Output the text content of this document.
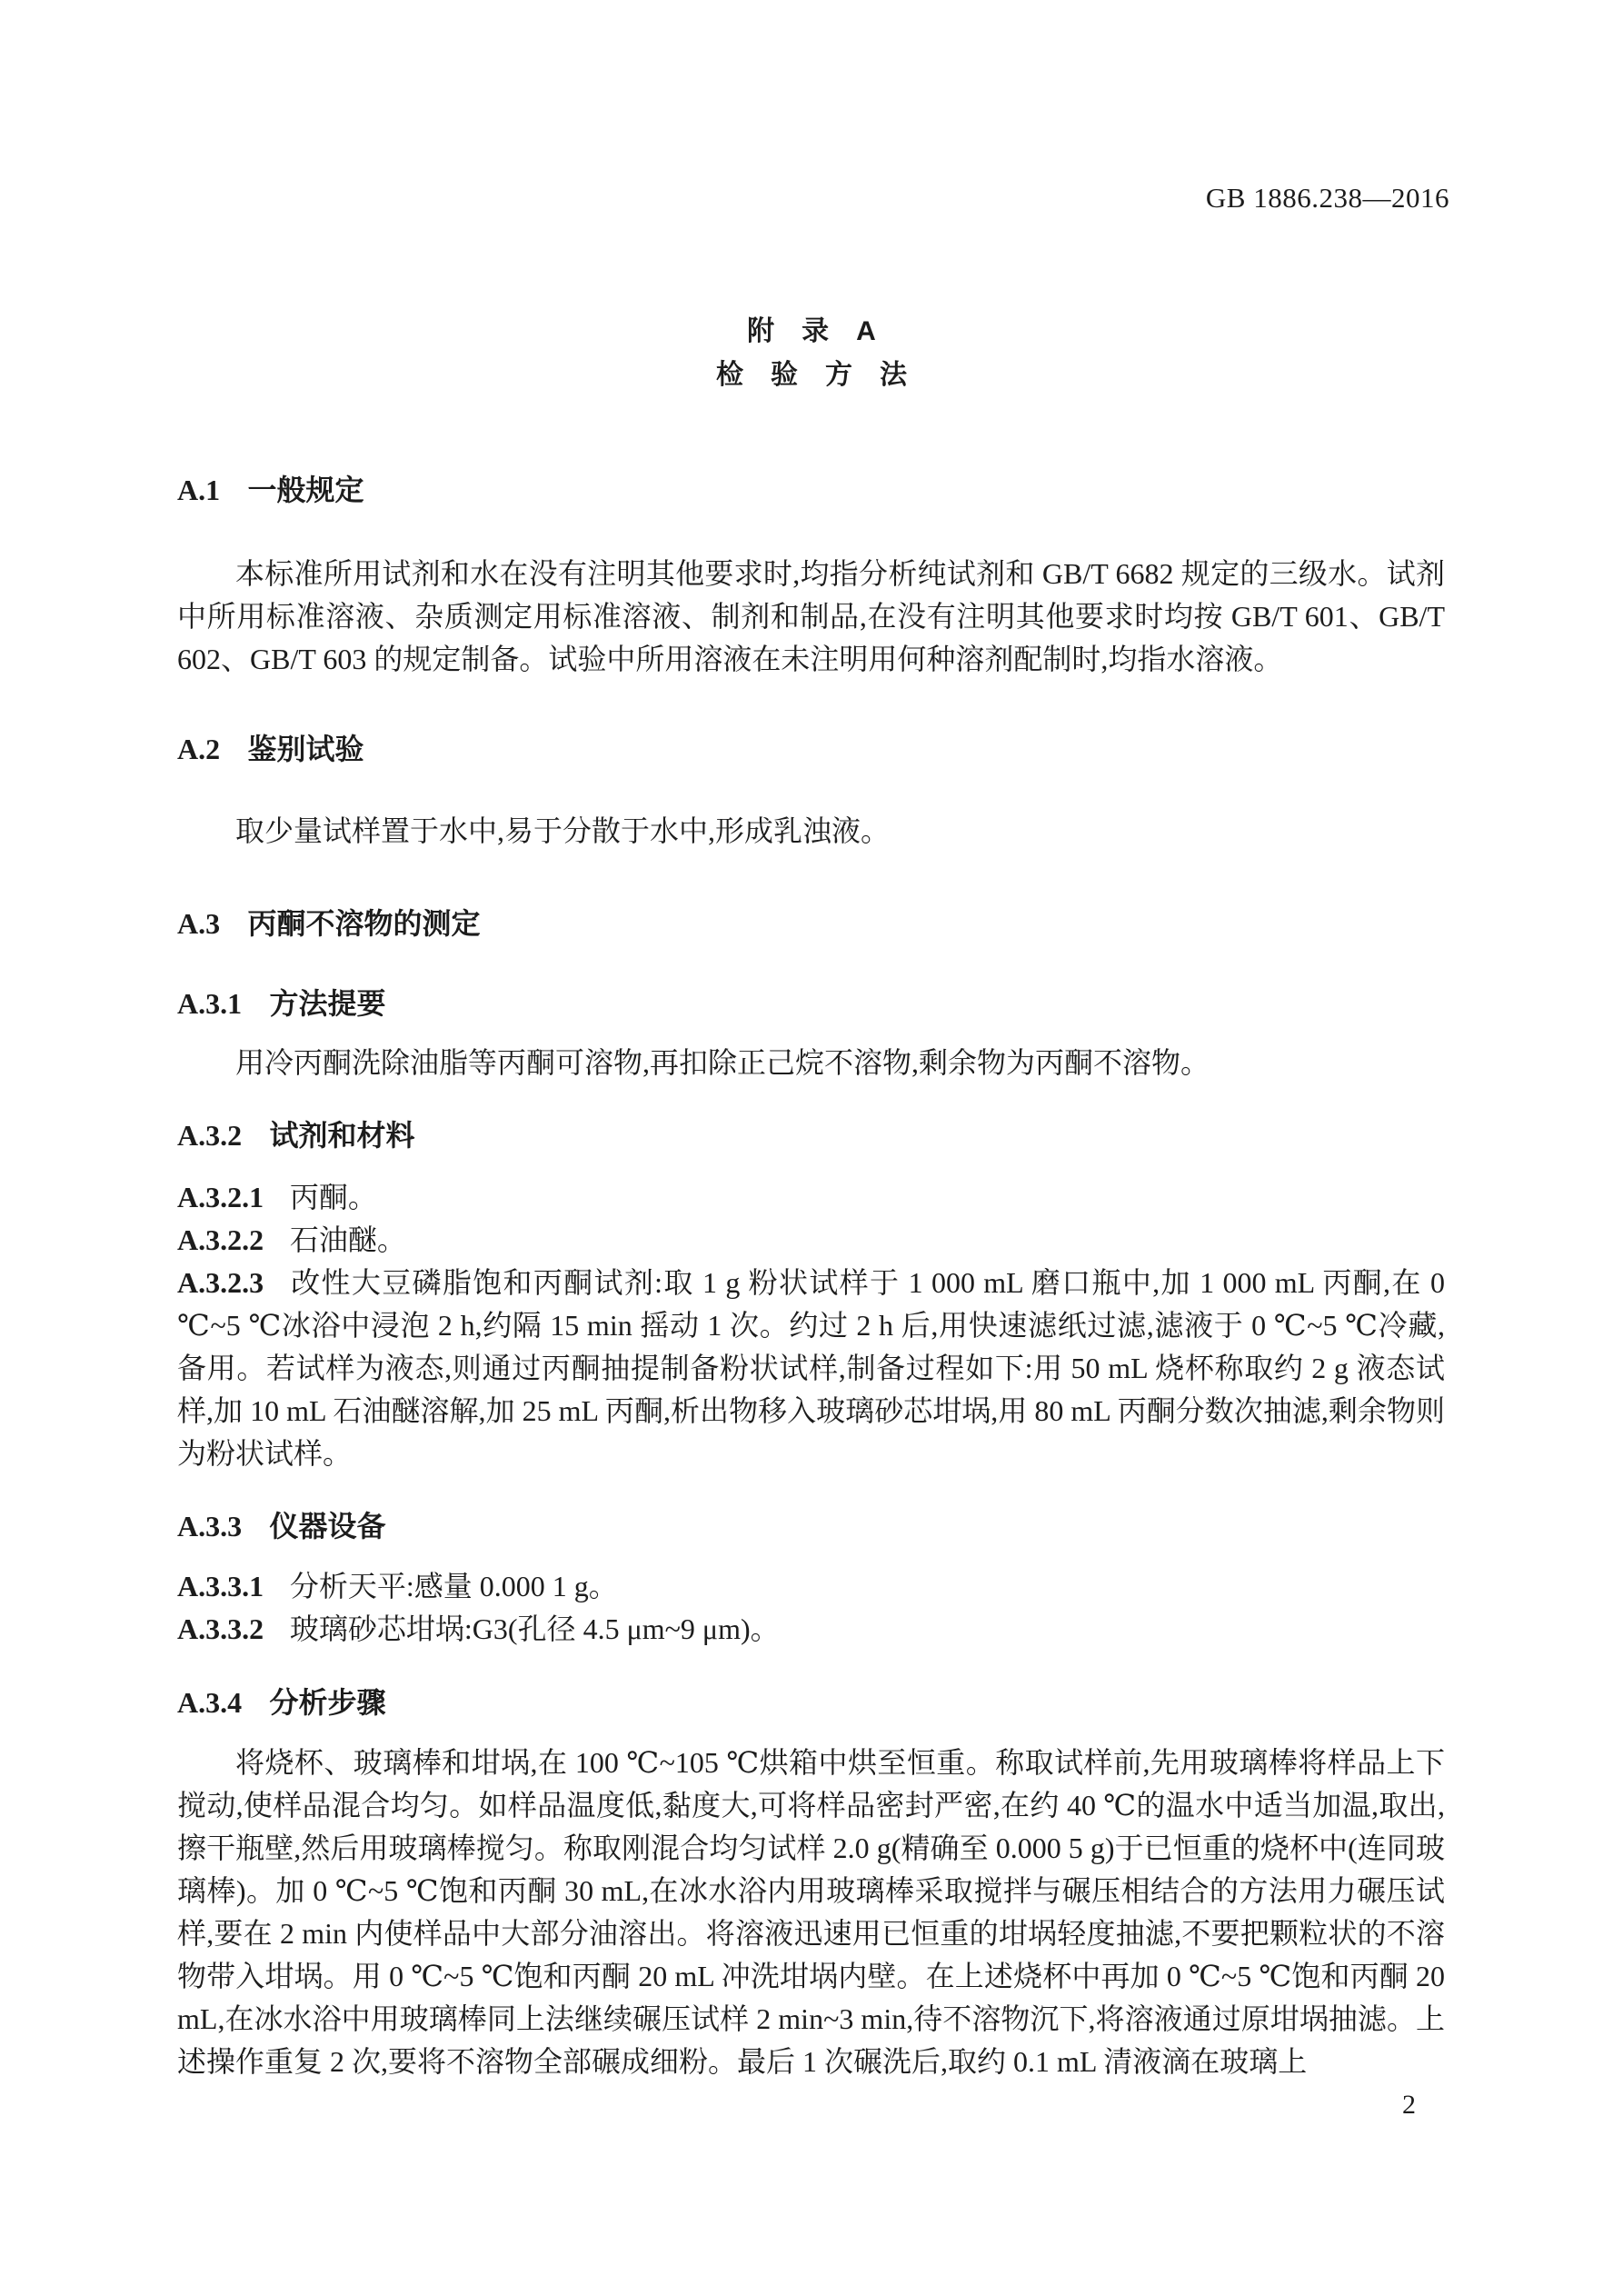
GB 1886.238—2016
附　录　A
检　验　方　法
A.1 一般规定

本标准所用试剂和水在没有注明其他要求时,均指分析纯试剂和 GB/T 6682 规定的三级水。试剂中所用标准溶液、杂质测定用标准溶液、制剂和制品,在没有注明其他要求时均按 GB/T 601、GB/T 602、GB/T 603 的规定制备。试验中所用溶液在未注明用何种溶剂配制时,均指水溶液。

A.2 鉴别试验

取少量试样置于水中,易于分散于水中,形成乳浊液。

A.3 丙酮不溶物的测定
A.3.1 方法提要

用冷丙酮洗除油脂等丙酮可溶物,再扣除正己烷不溶物,剩余物为丙酮不溶物。

A.3.2 试剂和材料

A.3.2.1 丙酮。

A.3.2.2 石油醚。

A.3.2.3 改性大豆磷脂饱和丙酮试剂:取 1 g 粉状试样于 1 000 mL 磨口瓶中,加 1 000 mL 丙酮,在 0 ℃~5 ℃冰浴中浸泡 2 h,约隔 15 min 摇动 1 次。约过 2 h 后,用快速滤纸过滤,滤液于 0 ℃~5 ℃冷藏,备用。若试样为液态,则通过丙酮抽提制备粉状试样,制备过程如下:用 50 mL 烧杯称取约 2 g 液态试样,加 10 mL 石油醚溶解,加 25 mL 丙酮,析出物移入玻璃砂芯坩埚,用 80 mL 丙酮分数次抽滤,剩余物则为粉状试样。

A.3.3 仪器设备

A.3.3.1 分析天平:感量 0.000 1 g。

A.3.3.2 玻璃砂芯坩埚:G3(孔径 4.5 μm~9 μm)。

A.3.4 分析步骤

将烧杯、玻璃棒和坩埚,在 100 ℃~105 ℃烘箱中烘至恒重。称取试样前,先用玻璃棒将样品上下搅动,使样品混合均匀。如样品温度低,黏度大,可将样品密封严密,在约 40 ℃的温水中适当加温,取出,擦干瓶壁,然后用玻璃棒搅匀。称取刚混合均匀试样 2.0 g(精确至 0.000 5 g)于已恒重的烧杯中(连同玻璃棒)。加 0 ℃~5 ℃饱和丙酮 30 mL,在冰水浴内用玻璃棒采取搅拌与碾压相结合的方法用力碾压试样,要在 2 min 内使样品中大部分油溶出。将溶液迅速用已恒重的坩埚轻度抽滤,不要把颗粒状的不溶物带入坩埚。用 0 ℃~5 ℃饱和丙酮 20 mL 冲洗坩埚内壁。在上述烧杯中再加 0 ℃~5 ℃饱和丙酮 20 mL,在冰水浴中用玻璃棒同上法继续碾压试样 2 min~3 min,待不溶物沉下,将溶液通过原坩埚抽滤。上述操作重复 2 次,要将不溶物全部碾成细粉。最后 1 次碾洗后,取约 0.1 mL 清液滴在玻璃上

2
